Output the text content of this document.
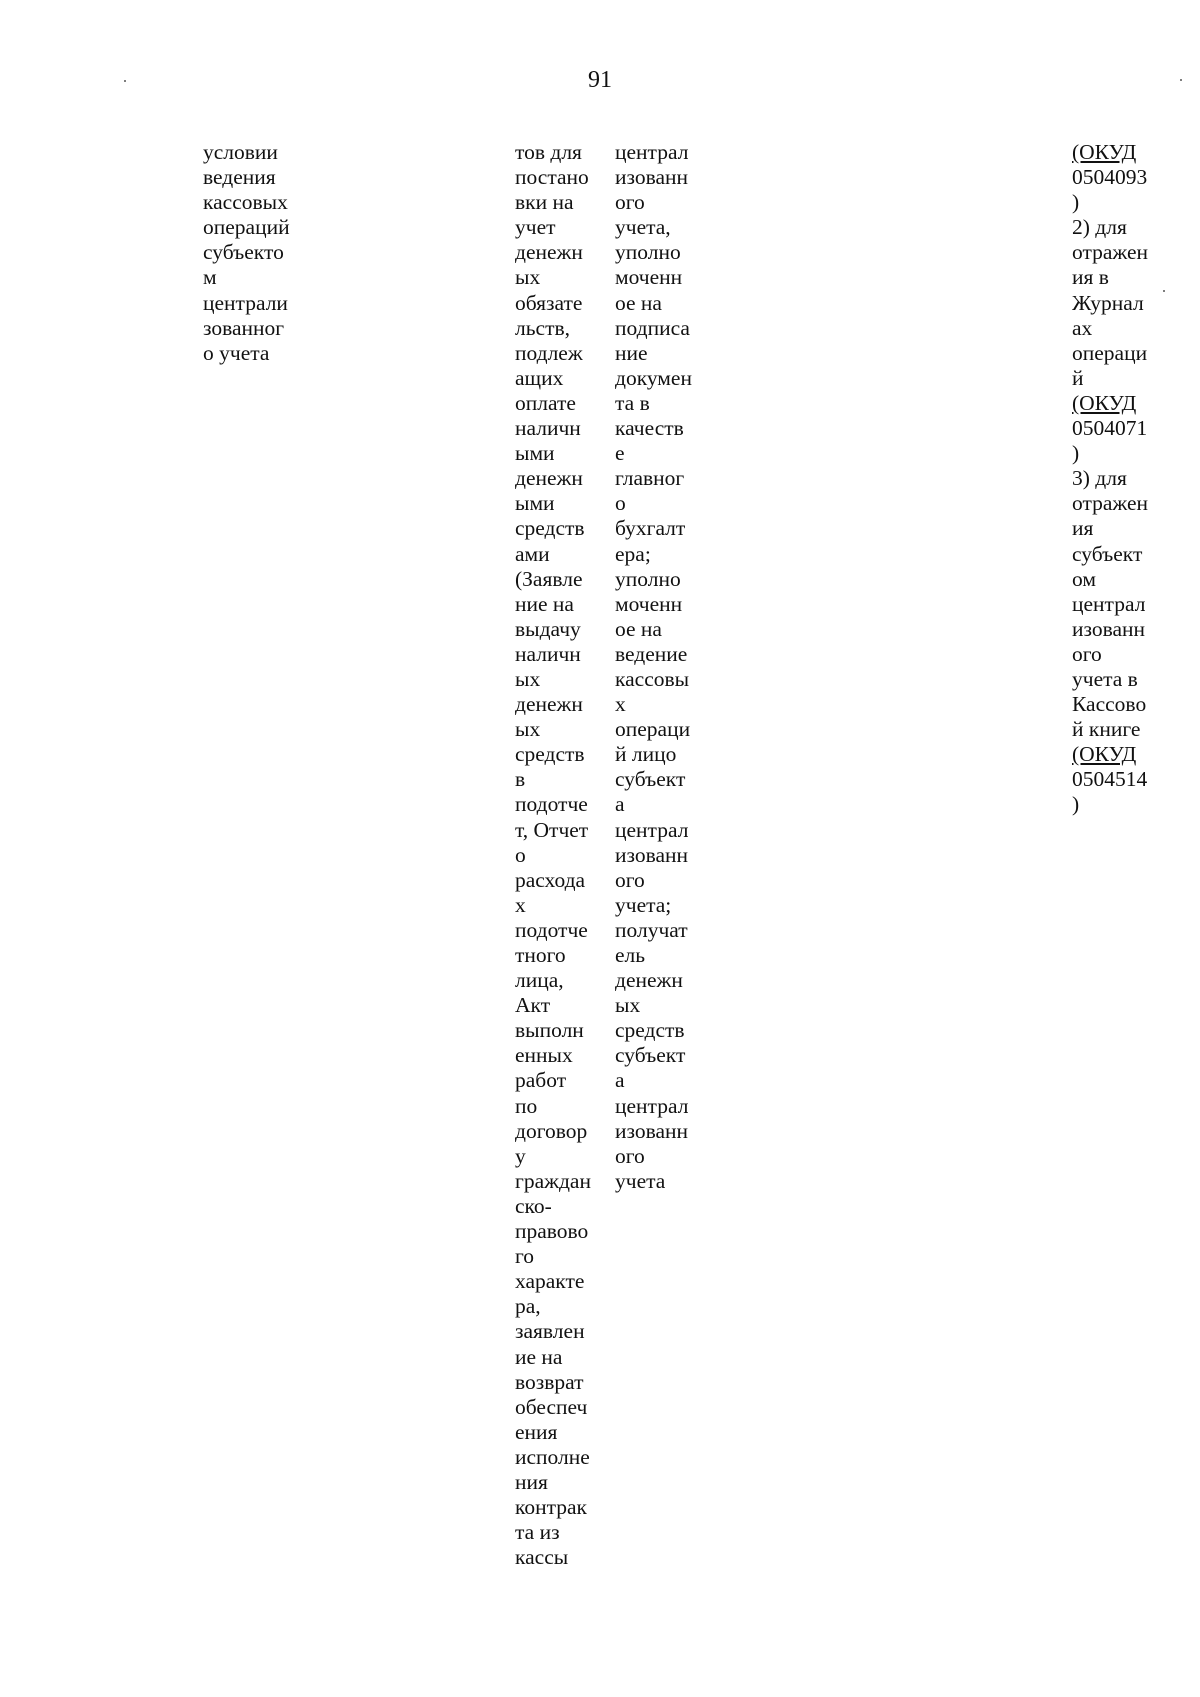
91
условии
ведения
кассовых
операций
субъекто
м
централи
зованног
о учета
тов для
постано
вки на
учет
денежн
ых
обязате
льств,
подлеж
ащих
оплате
наличн
ыми
денежн
ыми
средств
ами
(Заявле
ние на
выдачу
наличн
ых
денежн
ых
средств
в
подотче
т, Отчет
о
расхода
х
подотче
тного
лица,
Акт
выполн
енных
работ
по
договор
у
граждан
ско-
правово
го
характе
ра,
заявлен
ие на
возврат
обеспеч
ения
исполне
ния
контрак
та из
кассы
централ
изованн
ого
учета,
уполно
моченн
ое на
подписа
ние
докумен
та в
качеств
е
главног
о
бухгалт
ера;
уполно
моченн
ое на
ведение
кассовы
х
операци
й лицо
субъект
а
централ
изованн
ого
учета;
получат
ель
денежн
ых
средств
субъект
а
централ
изованн
ого
учета
(ОКУД
0504093
)
2) для
отражен
ия в
Журнал
ах
операци
й
(ОКУД
0504071
)
3) для
отражен
ия
субъект
ом
централ
изованн
ого
учета в
Кассово
й книге
(ОКУД
0504514
)
